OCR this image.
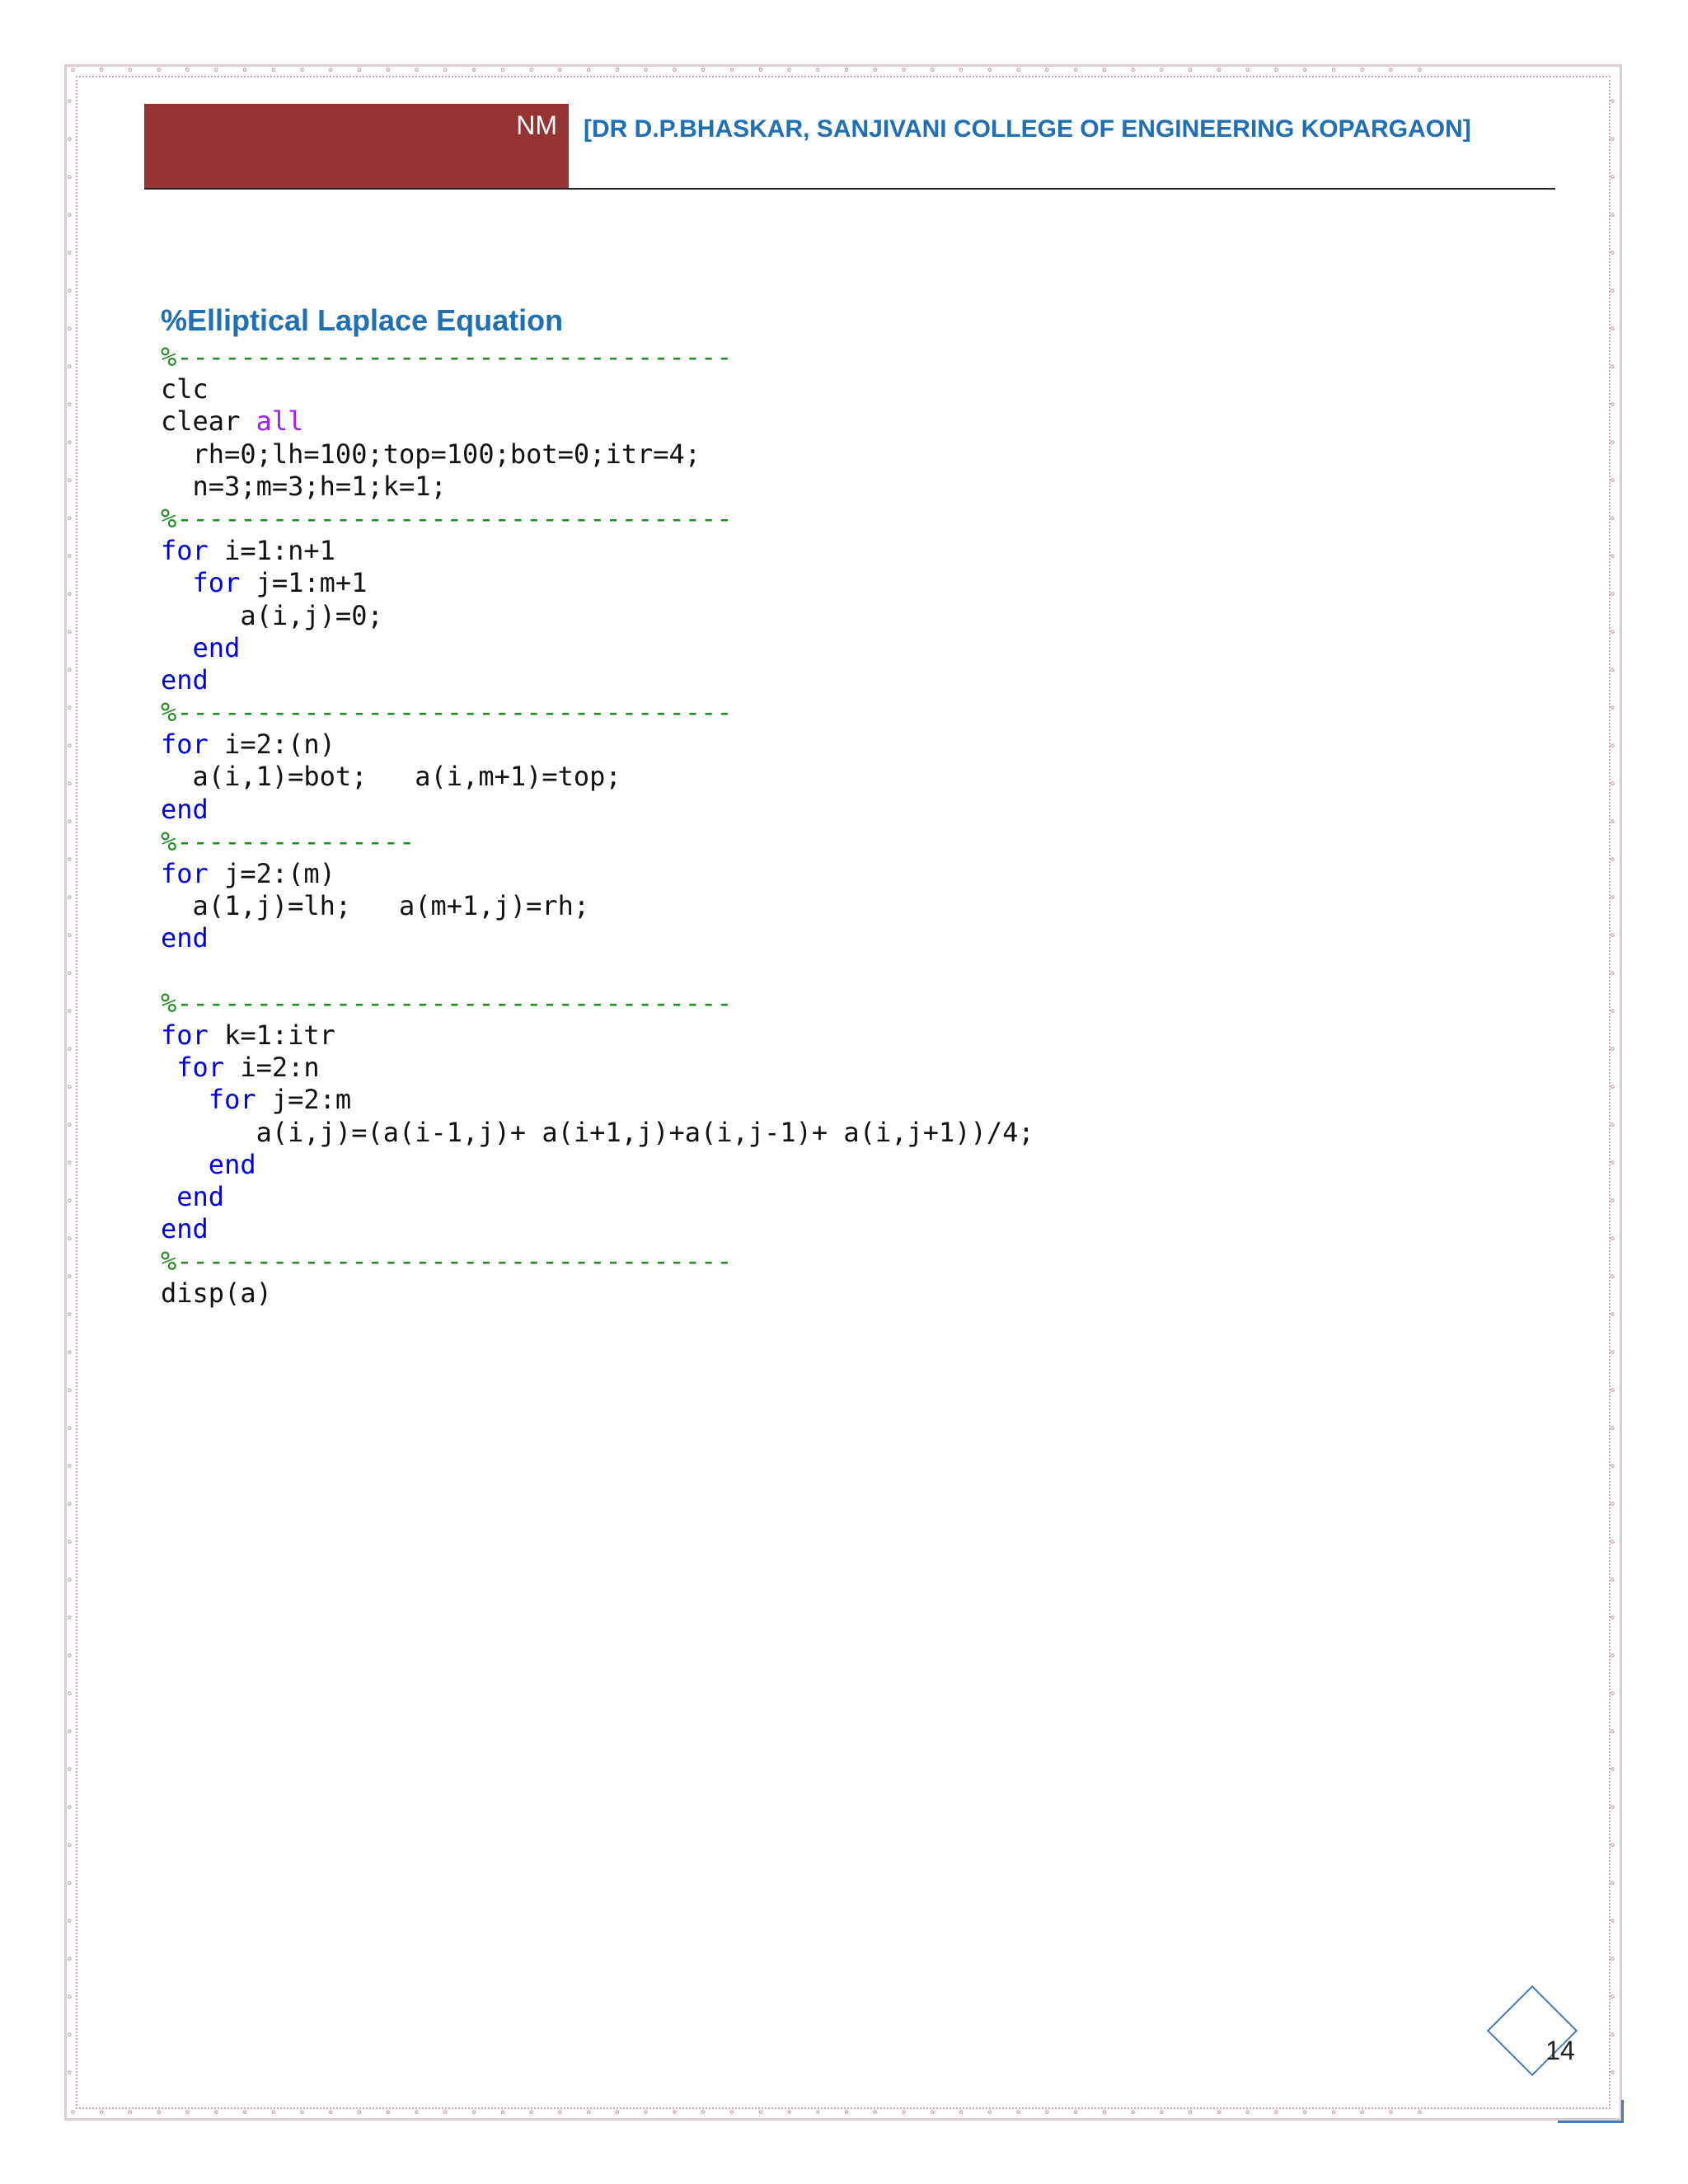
∘∘∘∘∘∘∘∘∘∘∘∘∘∘∘∘∘∘∘∘∘∘∘∘∘∘∘∘∘∘∘∘∘∘∘∘∘∘∘∘∘∘∘∘∘∘∘∘
∘∘∘∘∘∘∘∘∘∘∘∘∘∘∘∘∘∘∘∘∘∘∘∘∘∘∘∘∘∘∘∘∘∘∘∘∘∘∘∘∘∘∘∘∘∘∘∘
∘∘∘∘∘∘∘∘∘∘∘∘∘∘∘∘∘∘∘∘∘∘∘∘∘∘∘∘∘∘∘∘∘∘∘∘∘∘∘∘∘∘∘∘∘∘∘∘∘∘∘∘∘
∘∘∘∘∘∘∘∘∘∘∘∘∘∘∘∘∘∘∘∘∘∘∘∘∘∘∘∘∘∘∘∘∘∘∘∘∘∘∘∘∘∘∘∘∘∘∘∘∘∘∘∘∘
NM [DR D.P.BHASKAR, SANJIVANI COLLEGE OF ENGINEERING KOPARGAON]
%Elliptical Laplace Equation
%-----------------------------------
clc
clear all
rh=0;lh=100;top=100;bot=0;itr=4;
n=3;m=3;h=1;k=1;
%-----------------------------------
for i=1:n+1
for j=1:m+1
a(i,j)=0;
end
end
%-----------------------------------
for i=2:(n)
a(i,1)=bot;   a(i,m+1)=top;
end
%---------------
for j=2:(m)
a(1,j)=lh;   a(m+1,j)=rh;
end

%-----------------------------------
for k=1:itr
for i=2:n
for j=2:m
a(i,j)=(a(i-1,j)+ a(i+1,j)+a(i,j-1)+ a(i,j+1))/4;
end
end
end
%-----------------------------------
disp(a)
14
